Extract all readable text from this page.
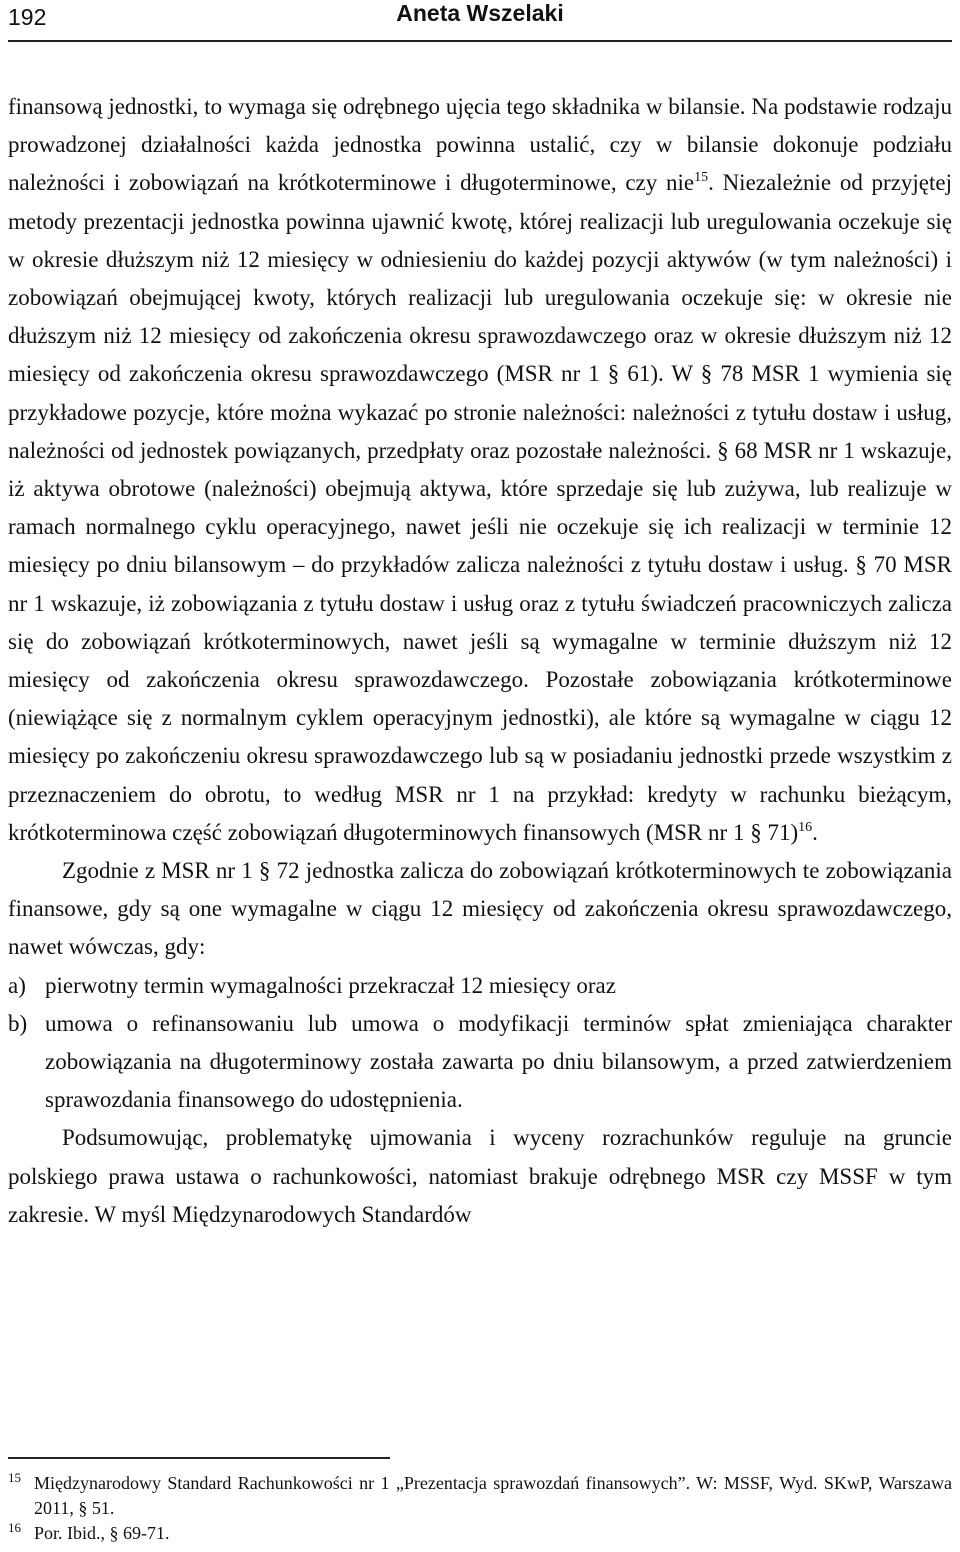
192	Aneta Wszelaki

finansową jednostki, to wymaga się odrębnego ujęcia tego składnika w bilansie. Na podstawie rodzaju prowadzonej działalności każda jednostka powinna ustalić, czy w bilansie dokonuje podziału należności i zobowiązań na krótkoterminowe i długoterminowe, czy nie$^{15}$. Niezależnie od przyjętej metody prezentacji jednostka powinna ujawnić kwotę, której realizacji lub uregulowania oczekuje się w okresie dłuższym niż 12 miesięcy w odniesieniu do każdej pozycji aktywów (w tym należności) i zobowiązań obejmującej kwoty, których realizacji lub uregulowania oczekuje się: w okresie nie dłuższym niż 12 miesięcy od zakończenia okresu sprawozdawczego oraz w okresie dłuższym niż 12 miesięcy od zakończenia okresu sprawozdawczego (MSR nr 1 § 61). W § 78 MSR 1 wymienia się przykładowe pozycje, które można wykazać po stronie należności: należności z tytułu dostaw i usług, należności od jednostek powiązanych, przedpłaty oraz pozostałe należności. § 68 MSR nr 1 wskazuje, iż aktywa obrotowe (należności) obejmują aktywa, które sprzedaje się lub zużywa, lub realizuje w ramach normalnego cyklu operacyjnego, nawet jeśli nie oczekuje się ich realizacji w terminie 12 miesięcy po dniu bilansowym – do przykładów zalicza należności z tytułu dostaw i usług. § 70 MSR nr 1 wskazuje, iż zobowiązania z tytułu dostaw i usług oraz z tytułu świadczeń pracowniczych zalicza się do zobowiązań krótkoterminowych, nawet jeśli są wymagalne w terminie dłuższym niż 12 miesięcy od zakończenia okresu sprawozdawczego. Pozostałe zobowiązania krótkoterminowe (niewiążące się z normalnym cyklem operacyjnym jednostki), ale które są wymagalne w ciągu 12 miesięcy po zakończeniu okresu sprawozdawczego lub są w posiadaniu jednostki przede wszystkim z przeznaczeniem do obrotu, to według MSR nr 1 na przykład: kredyty w rachunku bieżącym, krótkoterminowa część zobowiązań długoterminowych finansowych (MSR nr 1 § 71)$^{16}$.

Zgodnie z MSR nr 1 § 72 jednostka zalicza do zobowiązań krótkoterminowych te zobowiązania finansowe, gdy są one wymagalne w ciągu 12 miesięcy od zakończenia okresu sprawozdawczego, nawet wówczas, gdy:

a) pierwotny termin wymagalności przekraczał 12 miesięcy oraz
b) umowa o refinansowaniu lub umowa o modyfikacji terminów spłat zmieniająca charakter zobowiązania na długoterminowy została zawarta po dniu bilansowym, a przed zatwierdzeniem sprawozdania finansowego do udostępnienia.

Podsumowując, problematykę ujmowania i wyceny rozrachunków reguluje na gruncie polskiego prawa ustawa o rachunkowości, natomiast brakuje odrębnego MSR czy MSSF w tym zakresie. W myśl Międzynarodowych Standardów

15 Międzynarodowy Standard Rachunkowości nr 1 „Prezentacja sprawozdań finansowych”. W: MSSF, Wyd. SKwP, Warszawa 2011, § 51.
16 Por. Ibid., § 69-71.
